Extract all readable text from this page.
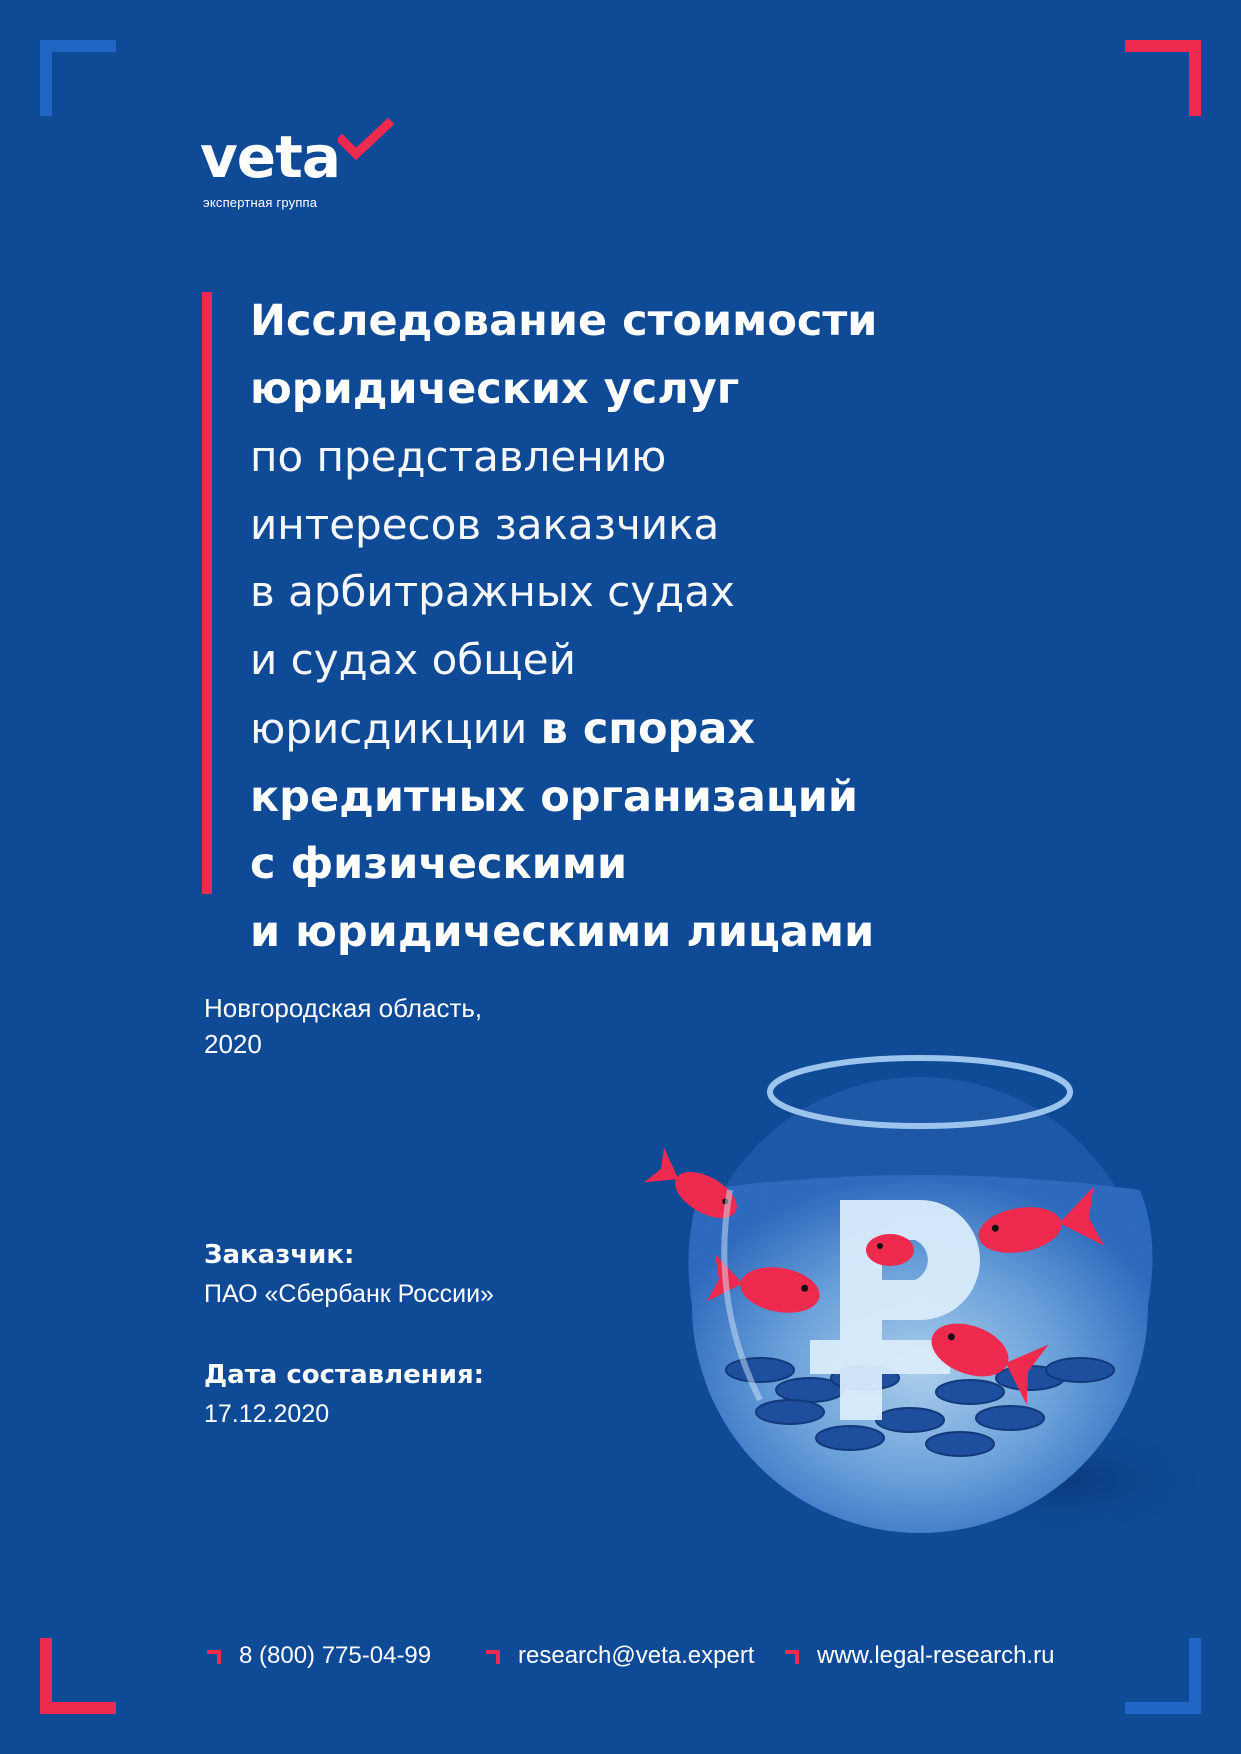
veta
экспертная группа
Исследование стоимости
юридических услуг
по представлению
интересов заказчика
в арбитражных судах
и судах общей
юрисдикции в спорах
кредитных организаций
с физическими
и юридическими лицами
Новгородская область,
2020
Заказчик:
ПАО «Сбербанк России»
Дата составления:
17.12.2020
8 (800) 775-04-99	research@veta.expert	www.legal-research.ru
